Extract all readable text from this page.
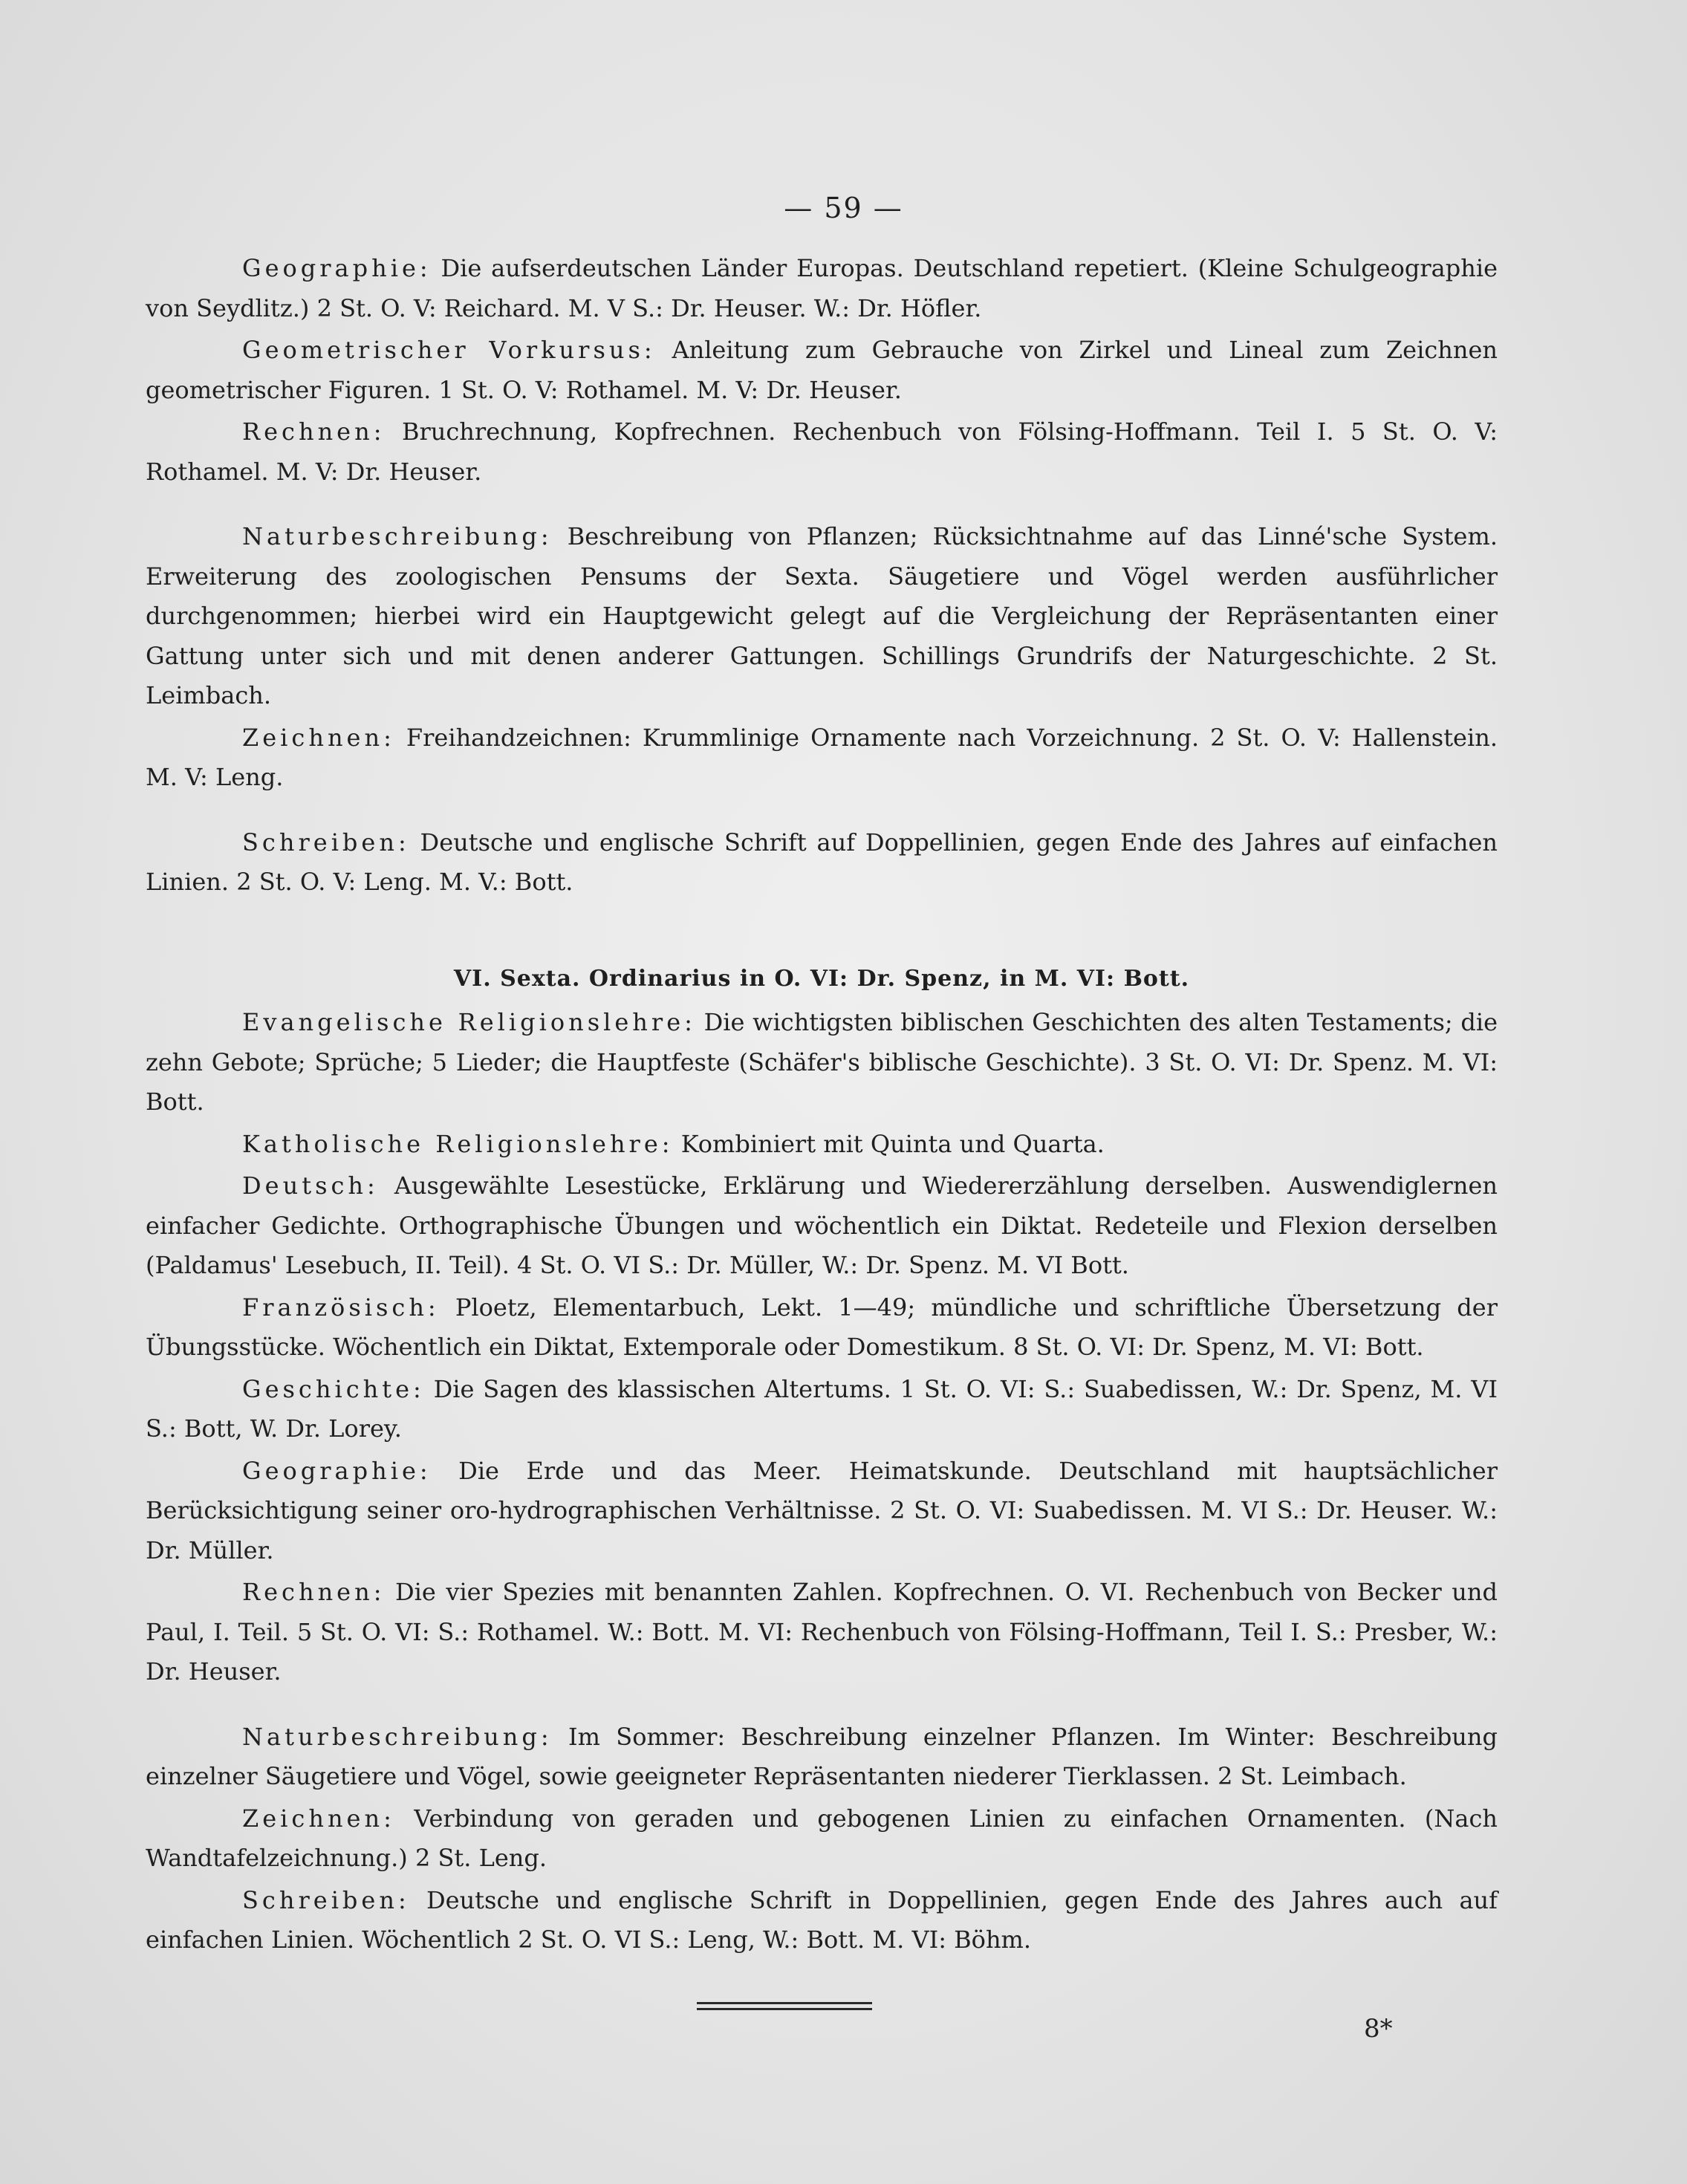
— 59 —

Geographie: Die aufserdeutschen Länder Europas. Deutschland repetiert. (Kleine Schulgeographie von Seydlitz.) 2 St. O. V: Reichard. M. V S.: Dr. Heuser. W.: Dr. Höfler.

Geometrischer Vorkursus: Anleitung zum Gebrauche von Zirkel und Lineal zum Zeichnen geometrischer Figuren. 1 St. O. V: Rothamel. M. V: Dr. Heuser.

Rechnen: Bruchrechnung, Kopfrechnen. Rechenbuch von Fölsing-Hoffmann. Teil I. 5 St. O. V: Rothamel. M. V: Dr. Heuser.

Naturbeschreibung: Beschreibung von Pflanzen; Rücksichtnahme auf das Linné'sche System. Erweiterung des zoologischen Pensums der Sexta. Säugetiere und Vögel werden ausführlicher durchgenommen; hierbei wird ein Hauptgewicht gelegt auf die Vergleichung der Repräsentanten einer Gattung unter sich und mit denen anderer Gattungen. Schillings Grundrifs der Naturgeschichte. 2 St. Leimbach.

Zeichnen: Freihandzeichnen: Krummlinige Ornamente nach Vorzeichnung. 2 St. O. V: Hallenstein. M. V: Leng.

Schreiben: Deutsche und englische Schrift auf Doppellinien, gegen Ende des Jahres auf einfachen Linien. 2 St. O. V: Leng. M. V.: Bott.

VI. Sexta. Ordinarius in O. VI: Dr. Spenz, in M. VI: Bott.

Evangelische Religionslehre: Die wichtigsten biblischen Geschichten des alten Testaments; die zehn Gebote; Sprüche; 5 Lieder; die Hauptfeste (Schäfer's biblische Geschichte). 3 St. O. VI: Dr. Spenz. M. VI: Bott.

Katholische Religionslehre: Kombiniert mit Quinta und Quarta.

Deutsch: Ausgewählte Lesestücke, Erklärung und Wiedererzählung derselben. Auswendiglernen einfacher Gedichte. Orthographische Übungen und wöchentlich ein Diktat. Redeteile und Flexion derselben (Paldamus' Lesebuch, II. Teil). 4 St. O. VI S.: Dr. Müller, W.: Dr. Spenz. M. VI Bott.

Französisch: Ploetz, Elementarbuch, Lekt. 1—49; mündliche und schriftliche Übersetzung der Übungsstücke. Wöchentlich ein Diktat, Extemporale oder Domestikum. 8 St. O. VI: Dr. Spenz, M. VI: Bott.

Geschichte: Die Sagen des klassischen Altertums. 1 St. O. VI: S.: Suabedissen, W.: Dr. Spenz, M. VI S.: Bott, W. Dr. Lorey.

Geographie: Die Erde und das Meer. Heimatskunde. Deutschland mit hauptsächlicher Berücksichtigung seiner oro-hydrographischen Verhältnisse. 2 St. O. VI: Suabedissen. M. VI S.: Dr. Heuser. W.: Dr. Müller.

Rechnen: Die vier Spezies mit benannten Zahlen. Kopfrechnen. O. VI. Rechenbuch von Becker und Paul, I. Teil. 5 St. O. VI: S.: Rothamel. W.: Bott. M. VI: Rechenbuch von Fölsing-Hoffmann, Teil I. S.: Presber, W.: Dr. Heuser.

Naturbeschreibung: Im Sommer: Beschreibung einzelner Pflanzen. Im Winter: Beschreibung einzelner Säugetiere und Vögel, sowie geeigneter Repräsentanten niederer Tierklassen. 2 St. Leimbach.

Zeichnen: Verbindung von geraden und gebogenen Linien zu einfachen Ornamenten. (Nach Wandtafelzeichnung.) 2 St. Leng.

Schreiben: Deutsche und englische Schrift in Doppellinien, gegen Ende des Jahres auch auf einfachen Linien. Wöchentlich 2 St. O. VI S.: Leng, W.: Bott. M. VI: Böhm.

8*
